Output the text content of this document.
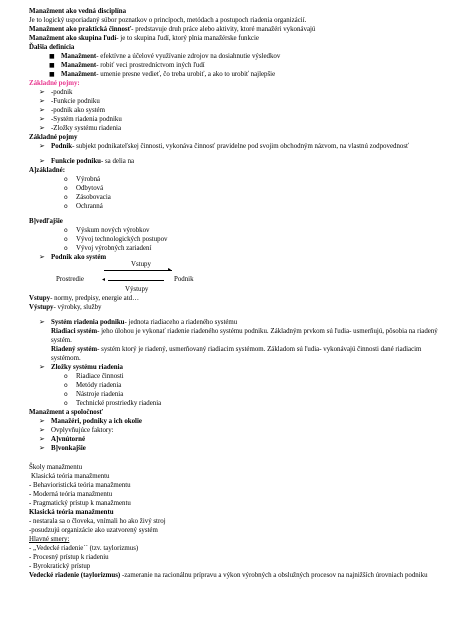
Manažment ako vedná disciplína
Je to logický usporiadaný súbor poznatkov o princípoch, metódach a postupoch riadenia organizácií.
Manažment ako praktická činnosť- predstavuje druh práce alebo aktivity, ktoré manažéri vykonávajú
Manažment ako skupina ľudí- je to skupina ľudí, ktorý plnia manažérske funkcie
Ďalšia definícia
■ Manažment- efektívne a účelové využívanie zdrojov na dosiahnutie výsledkov
■ Manažment- robiť veci prostredníctvom iných ľudí
■ Manažment- umenie presne vedieť, čo treba urobiť, a ako to urobiť najlepšie
Základné pojmy:
➢ -podnik
➢ -Funkcie podniku
➢ -podnik ako systém
➢ -Systém riadenia podniku
➢ -Zložky systému riadenia
Základné pojmy
➢ Podnik- subjekt podnikateľskej činnosti, vykonáva činnosť pravidelne pod svojim obchodným názvom, na vlastnú zodpovednosť
➢ Funkcie podniku- sa delia na
A]základné:
o Výrobná
o Odbytová
o Zásobovacia
o Ochranná
B]vedľajšie
o Výskum nových výrobkov
o Vývoj technologických postupov
o Vývoj výrobných zariadení
➢ Podnik ako systém
Vstupy
▸
Prostredie	Podnik
◂
Výstupy
Vstupy- normy, predpisy, energie atd…
Výstupy- výrobky, služby
➢ Systém riadenia podniku- jednota riadiaceho a riadeného systému
Riadiaci systém- jeho úlohou je vykonať riadenie riadeného systému podniku. Základným prvkom sú ľudia- usmerňujú, pôsobia na riadený systém.
Riadený systém- systém ktorý je riadený, usmerňovaný riadiacim systémom. Základom sú ľudia- vykonávajú činnosti dané riadiacim systémom.
➢ Zložky systému riadenia
o Riadiace činnosti
o Metódy riadenia
o Nástroje riadenia
o Technické prostriedky riadenia
Manažment a spoločnosť
➢ Manažéri, podniky a ich okolie
➢ Ovplyvňujúce faktory:
➢ A]vnútorné
➢ B]vonkajšie
Školy manažmentu
Klasická teória manažmentu
- Behavioristická teória manažmentu
- Moderná teória manažmentu
- Pragmatický prístup k manažmentu
Klasická teória manažmentu
- nestarala sa o človeka, vnímali ho ako živý stroj
-posudzujú organizácie ako uzatvorený systém
Hlavné smery:
- „Vedecké riadenie´´ (tzv. taylorizmus)
- Procesný prístup k riadeniu
- Byrokratický prístup
Vedecké riadenie (taylorizmus) -zameranie na racionálnu prípravu a výkon výrobných a obslužných procesov na najnižších úrovniach podniku
